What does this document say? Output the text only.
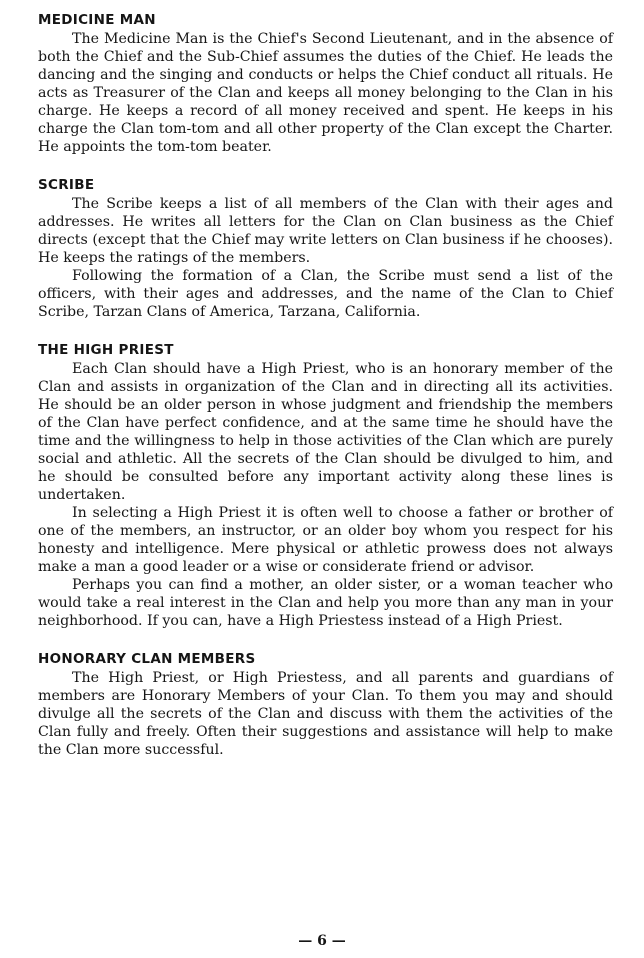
MEDICINE MAN

The Medicine Man is the Chief's Second Lieutenant, and in the absence of both the Chief and the Sub-Chief assumes the duties of the Chief. He leads the dancing and the singing and conducts or helps the Chief conduct all rituals. He acts as Treasurer of the Clan and keeps all money belonging to the Clan in his charge. He keeps a record of all money received and spent. He keeps in his charge the Clan tom-tom and all other property of the Clan except the Charter. He appoints the tom-tom beater.

SCRIBE

The Scribe keeps a list of all members of the Clan with their ages and addresses. He writes all letters for the Clan on Clan business as the Chief directs (except that the Chief may write letters on Clan business if he chooses). He keeps the ratings of the members.

Following the formation of a Clan, the Scribe must send a list of the officers, with their ages and addresses, and the name of the Clan to Chief Scribe, Tarzan Clans of America, Tarzana, California.

THE HIGH PRIEST

Each Clan should have a High Priest, who is an honorary member of the Clan and assists in organization of the Clan and in directing all its activities. He should be an older person in whose judgment and friendship the members of the Clan have perfect confidence, and at the same time he should have the time and the willingness to help in those activities of the Clan which are purely social and athletic. All the secrets of the Clan should be divulged to him, and he should be consulted before any important activity along these lines is undertaken.

In selecting a High Priest it is often well to choose a father or brother of one of the members, an instructor, or an older boy whom you respect for his honesty and intelligence. Mere physical or athletic prowess does not always make a man a good leader or a wise or considerate friend or advisor.

Perhaps you can find a mother, an older sister, or a woman teacher who would take a real interest in the Clan and help you more than any man in your neighborhood. If you can, have a High Priestess instead of a High Priest.

HONORARY CLAN MEMBERS

The High Priest, or High Priestess, and all parents and guardians of members are Honorary Members of your Clan. To them you may and should divulge all the secrets of the Clan and discuss with them the activities of the Clan fully and freely. Often their suggestions and assistance will help to make the Clan more successful.

— 6 —
